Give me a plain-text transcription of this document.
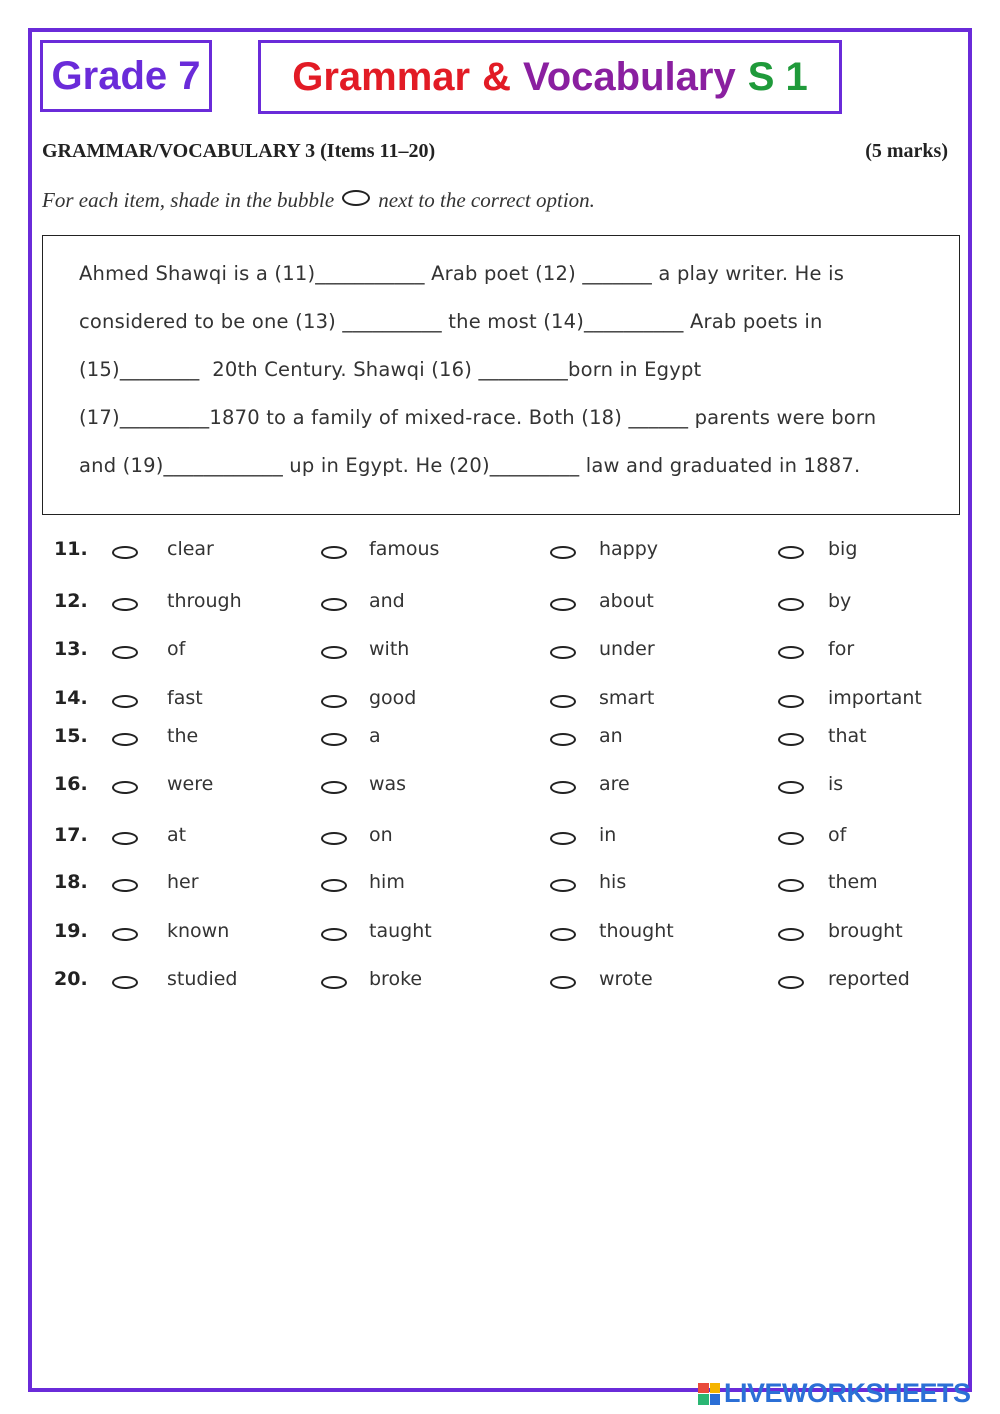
Grade 7 Grammar & Vocabulary S 1
GRAMMAR/VOCABULARY 3 (Items 11–20)	(5 marks)
For each item, shade in the bubble next to the correct option.
Ahmed Shawqi is a (11)___________ Arab poet (12) _______ a play writer. He is
considered to be one (13) __________ the most (14)__________ Arab poets in
(15)________  20th Century. Shawqi (16) _________born in Egypt
(17)_________1870 to a family of mixed-race. Both (18) ______ parents were born
and (19)____________ up in Egypt. He (20)_________ law and graduated in 1887.
11.	clear	famous	happy	big
12.	through	and	about	by
13.	of	with	under	for
14.	fast	good	smart	important
15.	the	a	an	that
16.	were	was	are	is
17.	at	on	in	of
18.	her	him	his	them
19.	known	taught	thought	brought
20.	studied	broke	wrote	reported
LIVEWORKSHEETS
